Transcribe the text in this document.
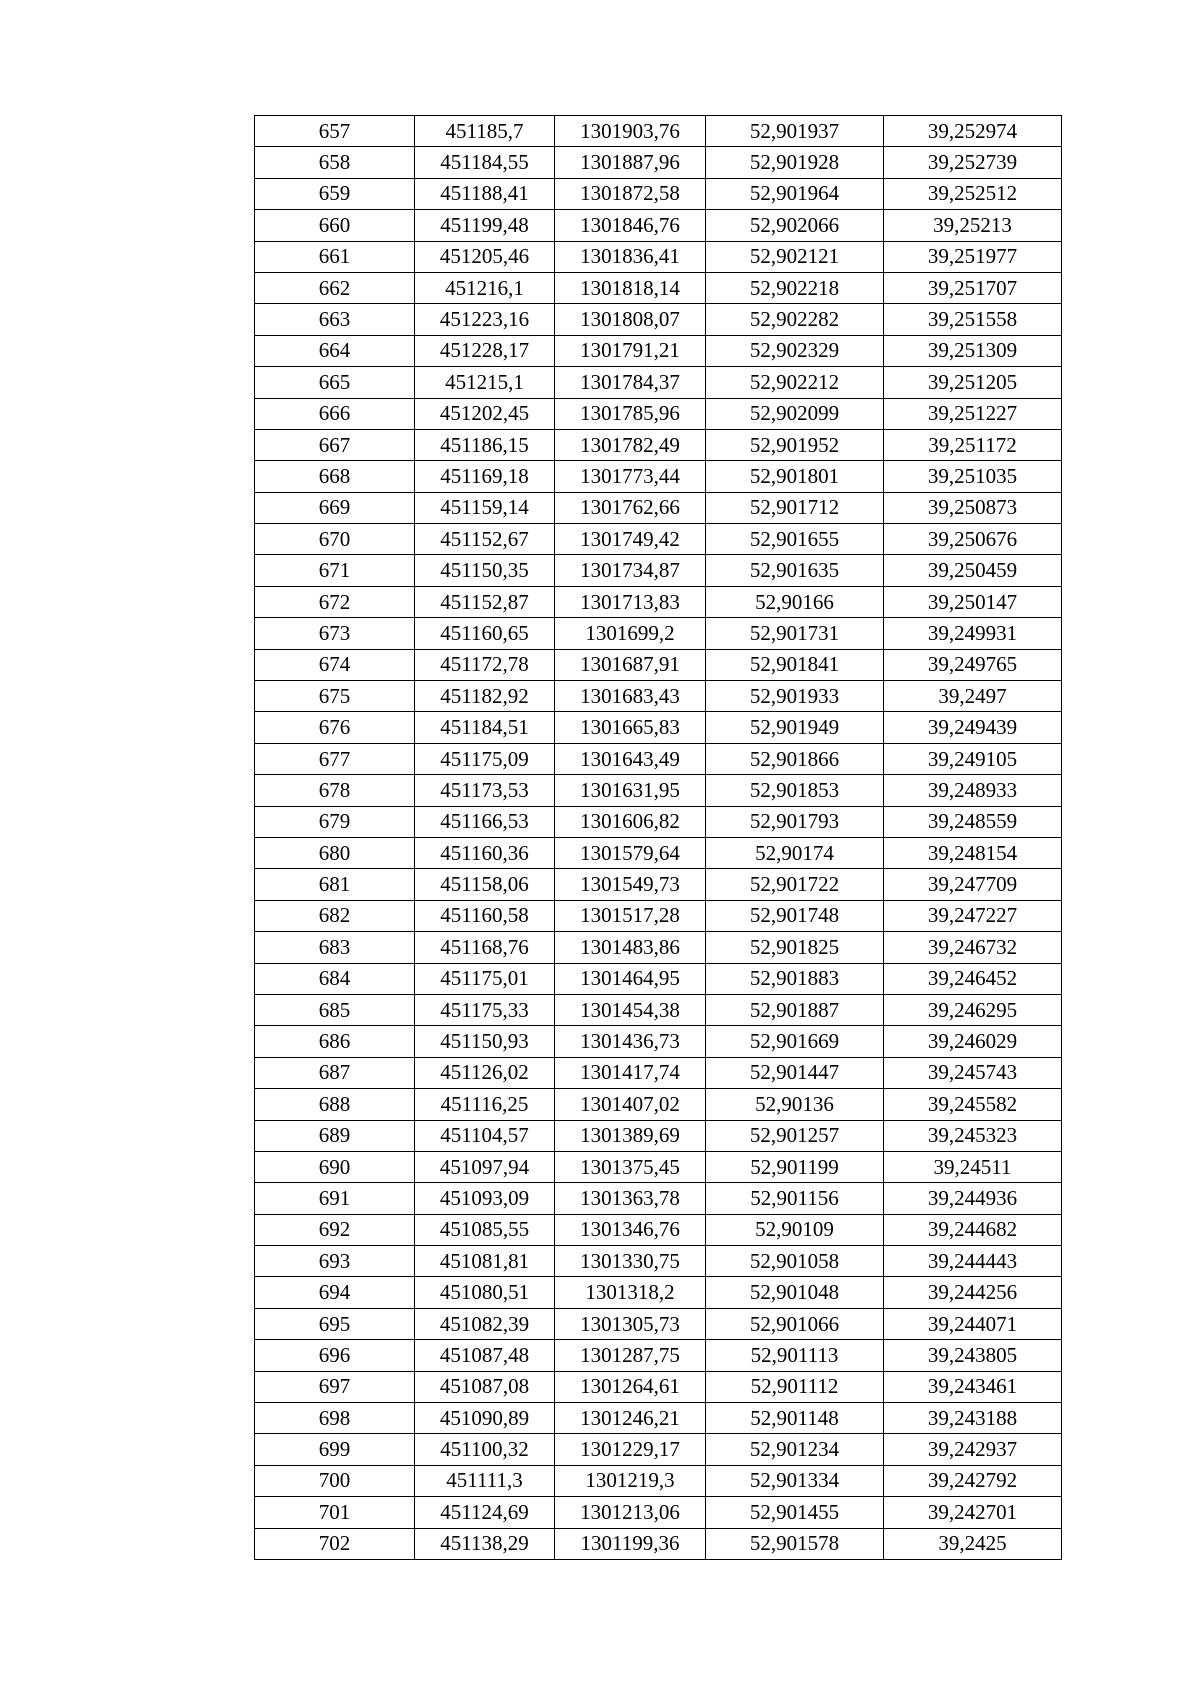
657	451185,7	1301903,76	52,901937	39,252974
658	451184,55	1301887,96	52,901928	39,252739
659	451188,41	1301872,58	52,901964	39,252512
660	451199,48	1301846,76	52,902066	39,25213
661	451205,46	1301836,41	52,902121	39,251977
662	451216,1	1301818,14	52,902218	39,251707
663	451223,16	1301808,07	52,902282	39,251558
664	451228,17	1301791,21	52,902329	39,251309
665	451215,1	1301784,37	52,902212	39,251205
666	451202,45	1301785,96	52,902099	39,251227
667	451186,15	1301782,49	52,901952	39,251172
668	451169,18	1301773,44	52,901801	39,251035
669	451159,14	1301762,66	52,901712	39,250873
670	451152,67	1301749,42	52,901655	39,250676
671	451150,35	1301734,87	52,901635	39,250459
672	451152,87	1301713,83	52,90166	39,250147
673	451160,65	1301699,2	52,901731	39,249931
674	451172,78	1301687,91	52,901841	39,249765
675	451182,92	1301683,43	52,901933	39,2497
676	451184,51	1301665,83	52,901949	39,249439
677	451175,09	1301643,49	52,901866	39,249105
678	451173,53	1301631,95	52,901853	39,248933
679	451166,53	1301606,82	52,901793	39,248559
680	451160,36	1301579,64	52,90174	39,248154
681	451158,06	1301549,73	52,901722	39,247709
682	451160,58	1301517,28	52,901748	39,247227
683	451168,76	1301483,86	52,901825	39,246732
684	451175,01	1301464,95	52,901883	39,246452
685	451175,33	1301454,38	52,901887	39,246295
686	451150,93	1301436,73	52,901669	39,246029
687	451126,02	1301417,74	52,901447	39,245743
688	451116,25	1301407,02	52,90136	39,245582
689	451104,57	1301389,69	52,901257	39,245323
690	451097,94	1301375,45	52,901199	39,24511
691	451093,09	1301363,78	52,901156	39,244936
692	451085,55	1301346,76	52,90109	39,244682
693	451081,81	1301330,75	52,901058	39,244443
694	451080,51	1301318,2	52,901048	39,244256
695	451082,39	1301305,73	52,901066	39,244071
696	451087,48	1301287,75	52,901113	39,243805
697	451087,08	1301264,61	52,901112	39,243461
698	451090,89	1301246,21	52,901148	39,243188
699	451100,32	1301229,17	52,901234	39,242937
700	451111,3	1301219,3	52,901334	39,242792
701	451124,69	1301213,06	52,901455	39,242701
702	451138,29	1301199,36	52,901578	39,2425
